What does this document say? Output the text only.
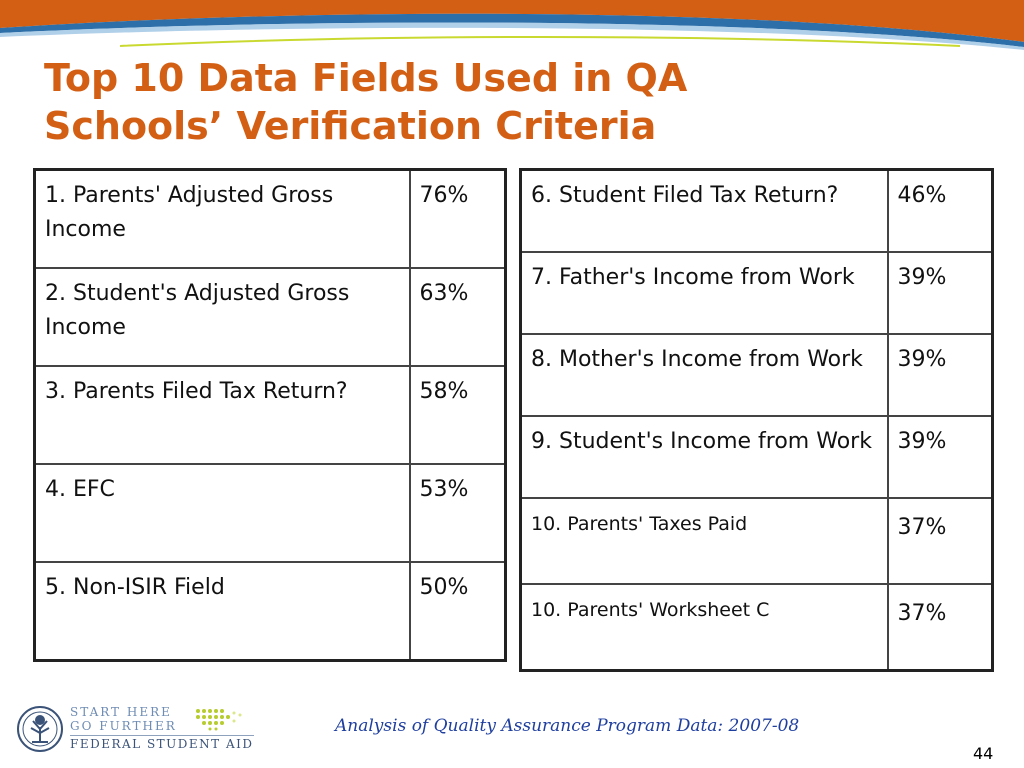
Top 10 Data Fields Used in QA
Schools’ Verification Criteria
1. Parents' Adjusted Gross Income	76%
2. Student's Adjusted Gross Income	63%
3. Parents Filed Tax Return?	58%
4. EFC	53%
5. Non-ISIR Field	50%
6. Student Filed Tax Return?	46%
7. Father's Income from Work	39%
8. Mother's Income from Work	39%
9. Student's Income from Work	39%
10. Parents' Taxes Paid	37%
10. Parents' Worksheet C	37%
START HERE
GO FURTHER
FEDERAL STUDENT AID
Analysis of Quality Assurance Program Data: 2007-08
44
